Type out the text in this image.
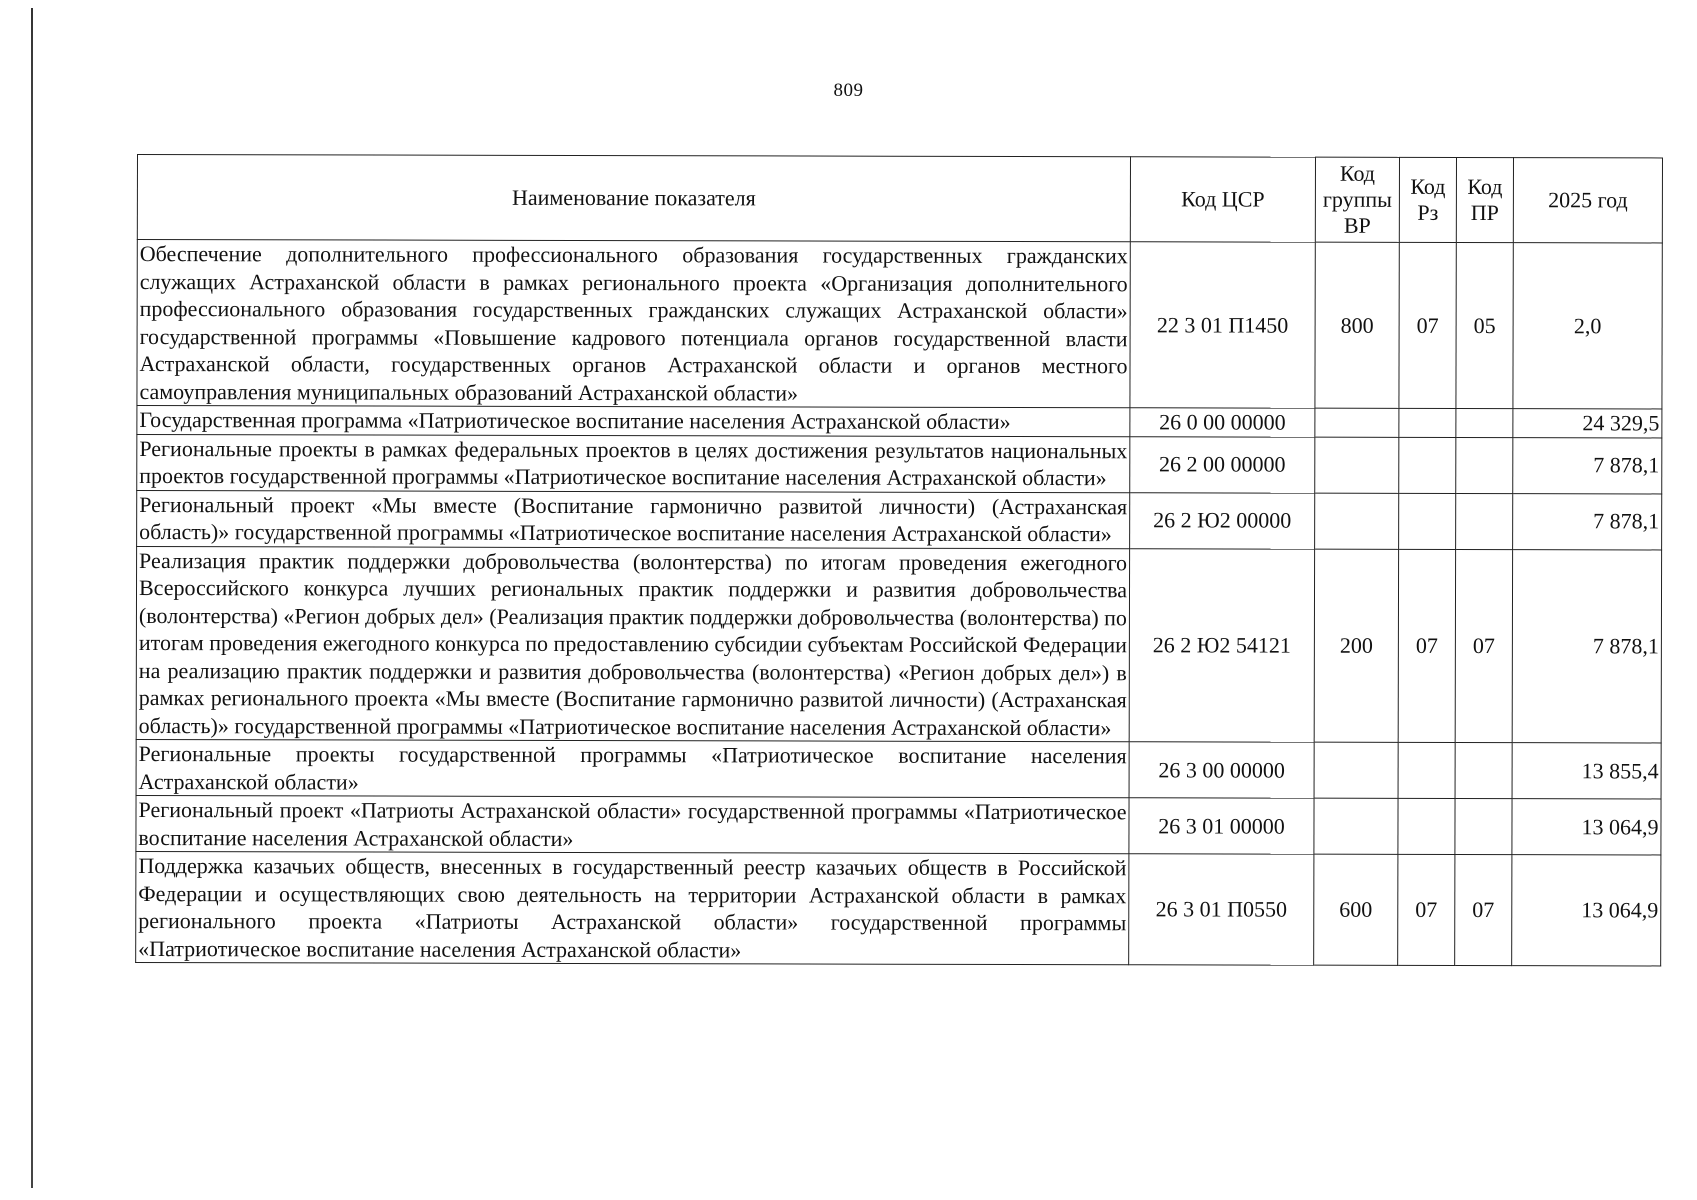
809
Наименование показателя	Код ЦСР	Код группы ВР	Код Рз	Код ПР	2025 год
Обеспечение дополнительного профессионального образования государственных гражданских служащих Астраханской области в рамках регионального проекта «Организация дополнительного профессионального образования государственных гражданских служащих Астраханской области» государственной программы «Повышение кадрового потенциала органов государственной власти Астраханской области, государственных органов Астраханской области и органов местного самоуправления муниципальных образований Астраханской области»	22 3 01 П1450	800	07	05	2,0
Государственная программа «Патриотическое воспитание населения Астраханской области»	26 0 00 00000				24 329,5
Региональные проекты в рамках федеральных проектов в целях достижения результатов национальных проектов государственной программы «Патриотическое воспитание населения Астраханской области»	26 2 00 00000				7 878,1
Региональный проект «Мы вместе (Воспитание гармонично развитой личности) (Астраханская область)» государственной программы «Патриотическое воспитание населения Астраханской области»	26 2 Ю2 00000				7 878,1
Реализация практик поддержки добровольчества (волонтерства) по итогам проведения ежегодного Всероссийского конкурса лучших региональных практик поддержки и развития добровольчества (волонтерства) «Регион добрых дел» (Реализация практик поддержки добровольчества (волонтерства) по итогам проведения ежегодного конкурса по предоставлению субсидии субъектам Российской Федерации на реализацию практик поддержки и развития добровольчества (волонтерства) «Регион добрых дел») в рамках регионального проекта «Мы вместе (Воспитание гармонично развитой личности) (Астраханская область)» государственной программы «Патриотическое воспитание населения Астраханской области»	26 2 Ю2 54121	200	07	07	7 878,1
Региональные проекты государственной программы «Патриотическое воспитание населения Астраханской области»	26 3 00 00000				13 855,4
Региональный проект «Патриоты Астраханской области» государственной программы «Патриотическое воспитание населения Астраханской области»	26 3 01 00000				13 064,9
Поддержка казачьих обществ, внесенных в государственный реестр казачьих обществ в Российской Федерации и осуществляющих свою деятельность на территории Астраханской области в рамках регионального проекта «Патриоты Астраханской области» государственной программы «Патриотическое воспитание населения Астраханской области»	26 3 01 П0550	600	07	07	13 064,9
